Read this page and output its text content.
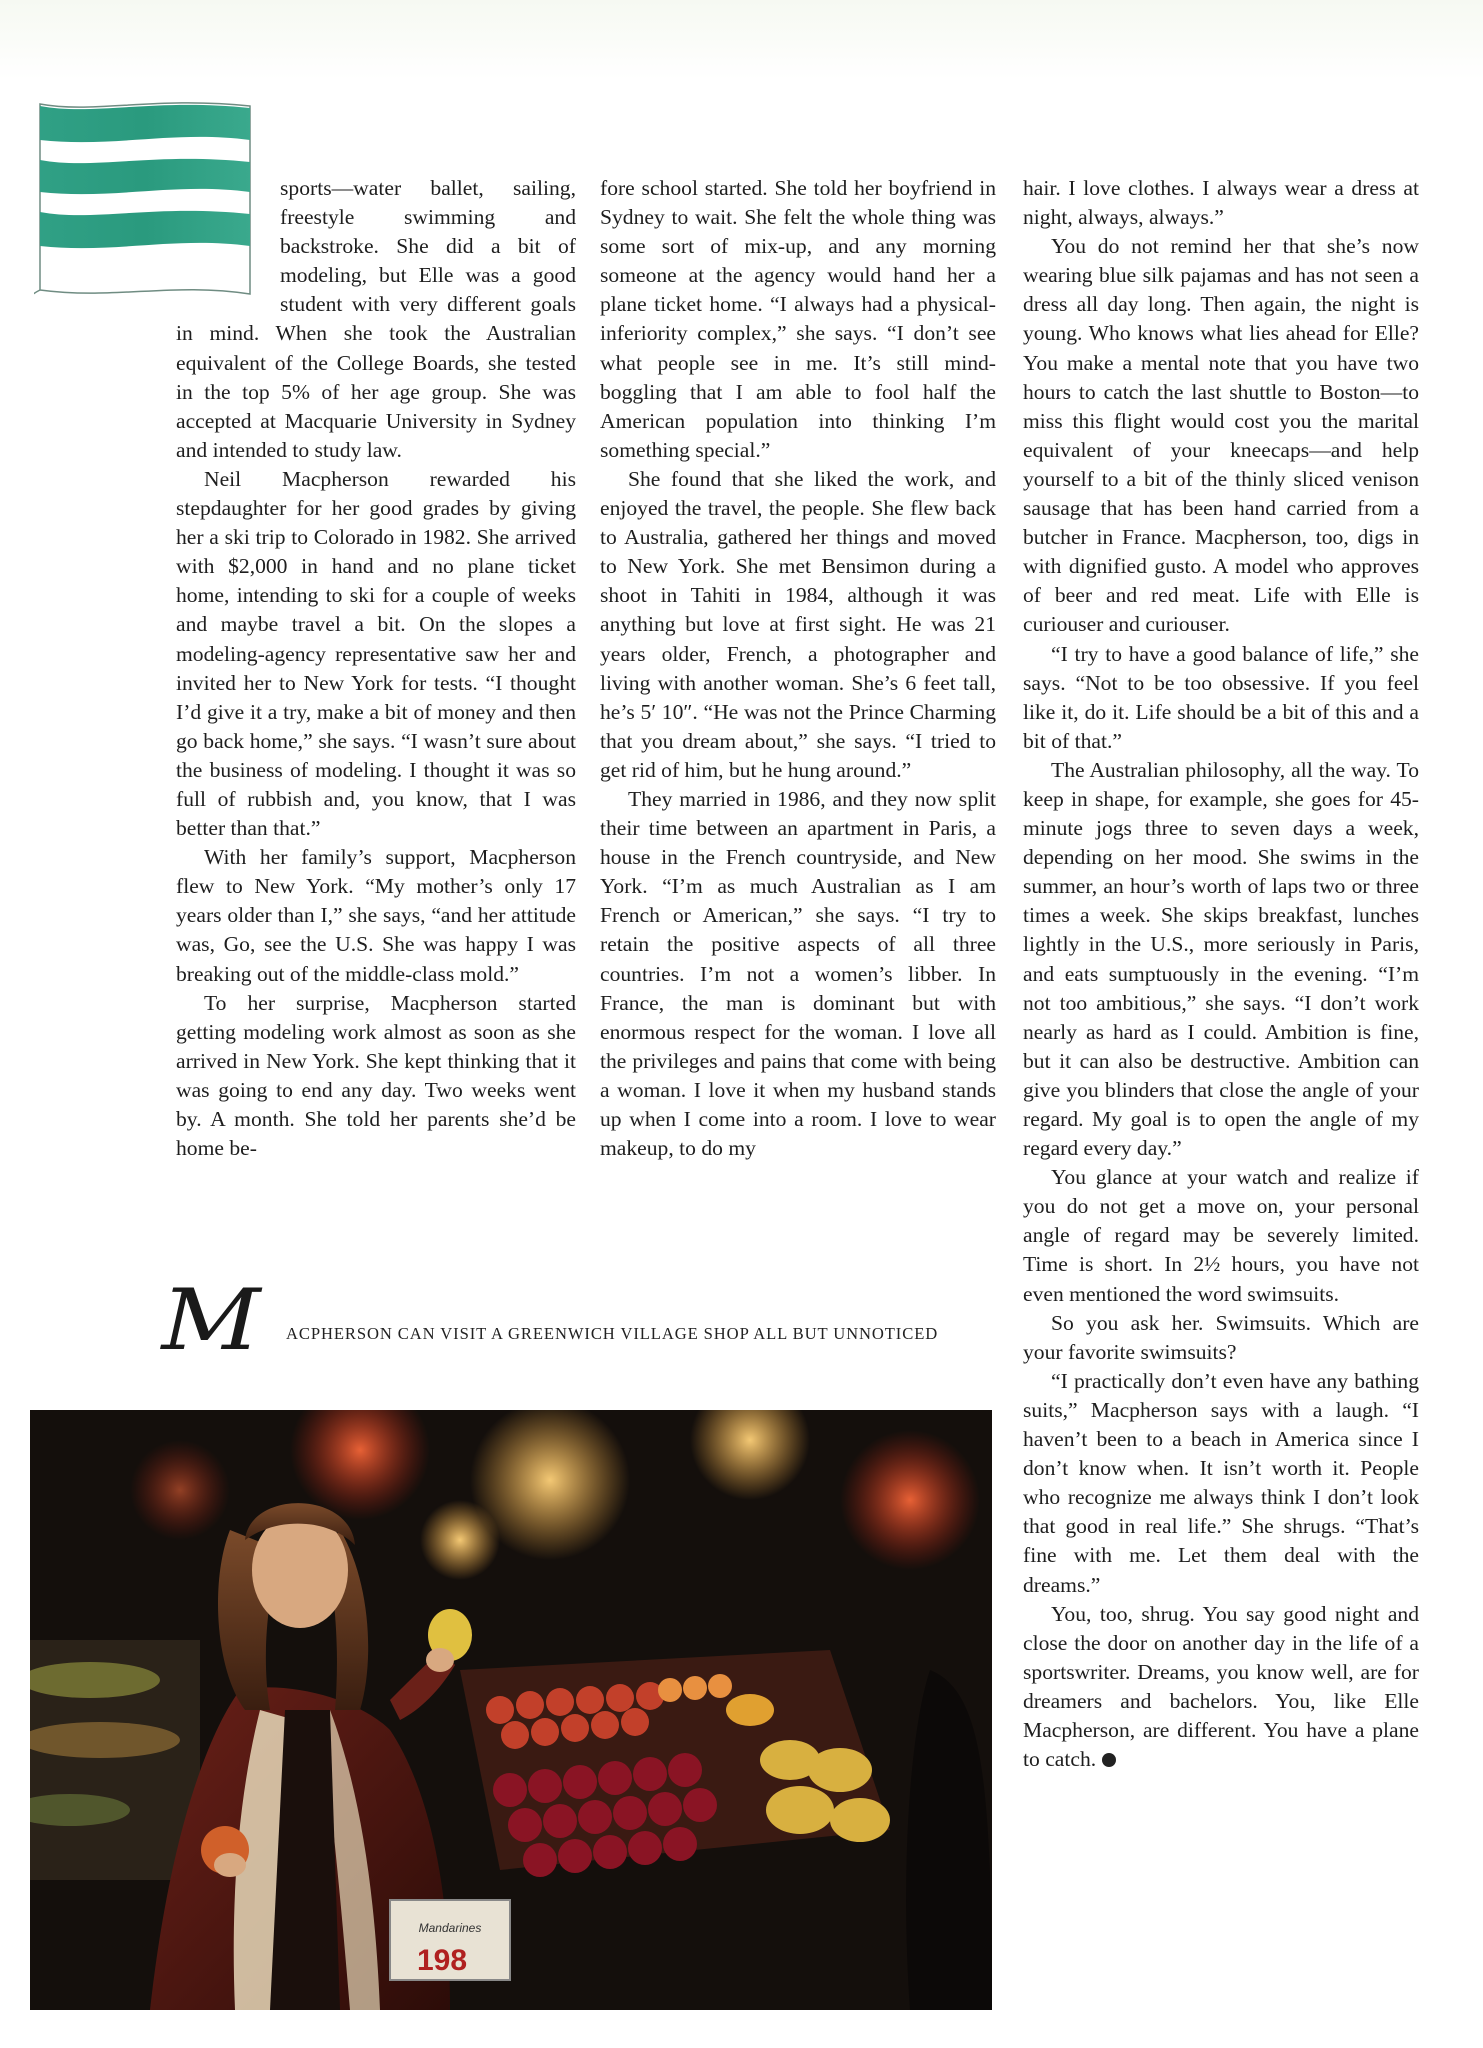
sports—water ballet, sailing, freestyle swimming and backstroke. She did a bit of modeling, but Elle was a good student with very different goals in mind. When she took the Australian equivalent of the College Boards, she tested in the top 5% of her age group. She was accepted at Macquarie University in Sydney and intended to study law.

Neil Macpherson rewarded his stepdaughter for her good grades by giving her a ski trip to Colorado in 1982. She arrived with $2,000 in hand and no plane ticket home, intending to ski for a couple of weeks and maybe travel a bit. On the slopes a modeling-agency representative saw her and invited her to New York for tests. “I thought I’d give it a try, make a bit of money and then go back home,” she says. “I wasn’t sure about the business of modeling. I thought it was so full of rubbish and, you know, that I was better than that.”

With her family’s support, Macpherson flew to New York. “My mother’s only 17 years older than I,” she says, “and her attitude was, Go, see the U.S. She was happy I was breaking out of the middle-class mold.”

To her surprise, Macpherson started getting modeling work almost as soon as she arrived in New York. She kept thinking that it was going to end any day. Two weeks went by. A month. She told her parents she’d be home be-

fore school started. She told her boyfriend in Sydney to wait. She felt the whole thing was some sort of mix-up, and any morning someone at the agency would hand her a plane ticket home. “I always had a physical-inferiority complex,” she says. “I don’t see what people see in me. It’s still mind-boggling that I am able to fool half the American population into thinking I’m something special.”

She found that she liked the work, and enjoyed the travel, the people. She flew back to Australia, gathered her things and moved to New York. She met Bensimon during a shoot in Tahiti in 1984, although it was anything but love at first sight. He was 21 years older, French, a photographer and living with another woman. She’s 6 feet tall, he’s 5′ 10″. “He was not the Prince Charming that you dream about,” she says. “I tried to get rid of him, but he hung around.”

They married in 1986, and they now split their time between an apartment in Paris, a house in the French countryside, and New York. “I’m as much Australian as I am French or American,” she says. “I try to retain the positive aspects of all three countries. I’m not a women’s libber. In France, the man is dominant but with enormous respect for the woman. I love all the privileges and pains that come with being a woman. I love it when my husband stands up when I come into a room. I love to wear makeup, to do my

hair. I love clothes. I always wear a dress at night, always, always.”

You do not remind her that she’s now wearing blue silk pajamas and has not seen a dress all day long. Then again, the night is young. Who knows what lies ahead for Elle? You make a mental note that you have two hours to catch the last shuttle to Boston—to miss this flight would cost you the marital equivalent of your kneecaps—and help yourself to a bit of the thinly sliced venison sausage that has been hand carried from a butcher in France. Macpherson, too, digs in with dignified gusto. A model who approves of beer and red meat. Life with Elle is curiouser and curiouser.

“I try to have a good balance of life,” she says. “Not to be too obsessive. If you feel like it, do it. Life should be a bit of this and a bit of that.”

The Australian philosophy, all the way. To keep in shape, for example, she goes for 45-minute jogs three to seven days a week, depending on her mood. She swims in the summer, an hour’s worth of laps two or three times a week. She skips breakfast, lunches lightly in the U.S., more seriously in Paris, and eats sumptuously in the evening. “I’m not too ambitious,” she says. “I don’t work nearly as hard as I could. Ambition is fine, but it can also be destructive. Ambition can give you blinders that close the angle of your regard. My goal is to open the angle of my regard every day.”

You glance at your watch and realize if you do not get a move on, your personal angle of regard may be severely limited. Time is short. In 2½ hours, you have not even mentioned the word swimsuits.

So you ask her. Swimsuits. Which are your favorite swimsuits?

“I practically don’t even have any bathing suits,” Macpherson says with a laugh. “I haven’t been to a beach in America since I don’t know when. It isn’t worth it. People who recognize me always think I don’t look that good in real life.” She shrugs. “That’s fine with me. Let them deal with the dreams.”

You, too, shrug. You say good night and close the door on another day in the life of a sportswriter. Dreams, you know well, are for dreamers and bachelors. You, like Elle Macpherson, are different. You have a plane to catch.

M ACPHERSON CAN VISIT A GREENWICH VILLAGE SHOP ALL BUT UNNOTICED
Mandarines
198
